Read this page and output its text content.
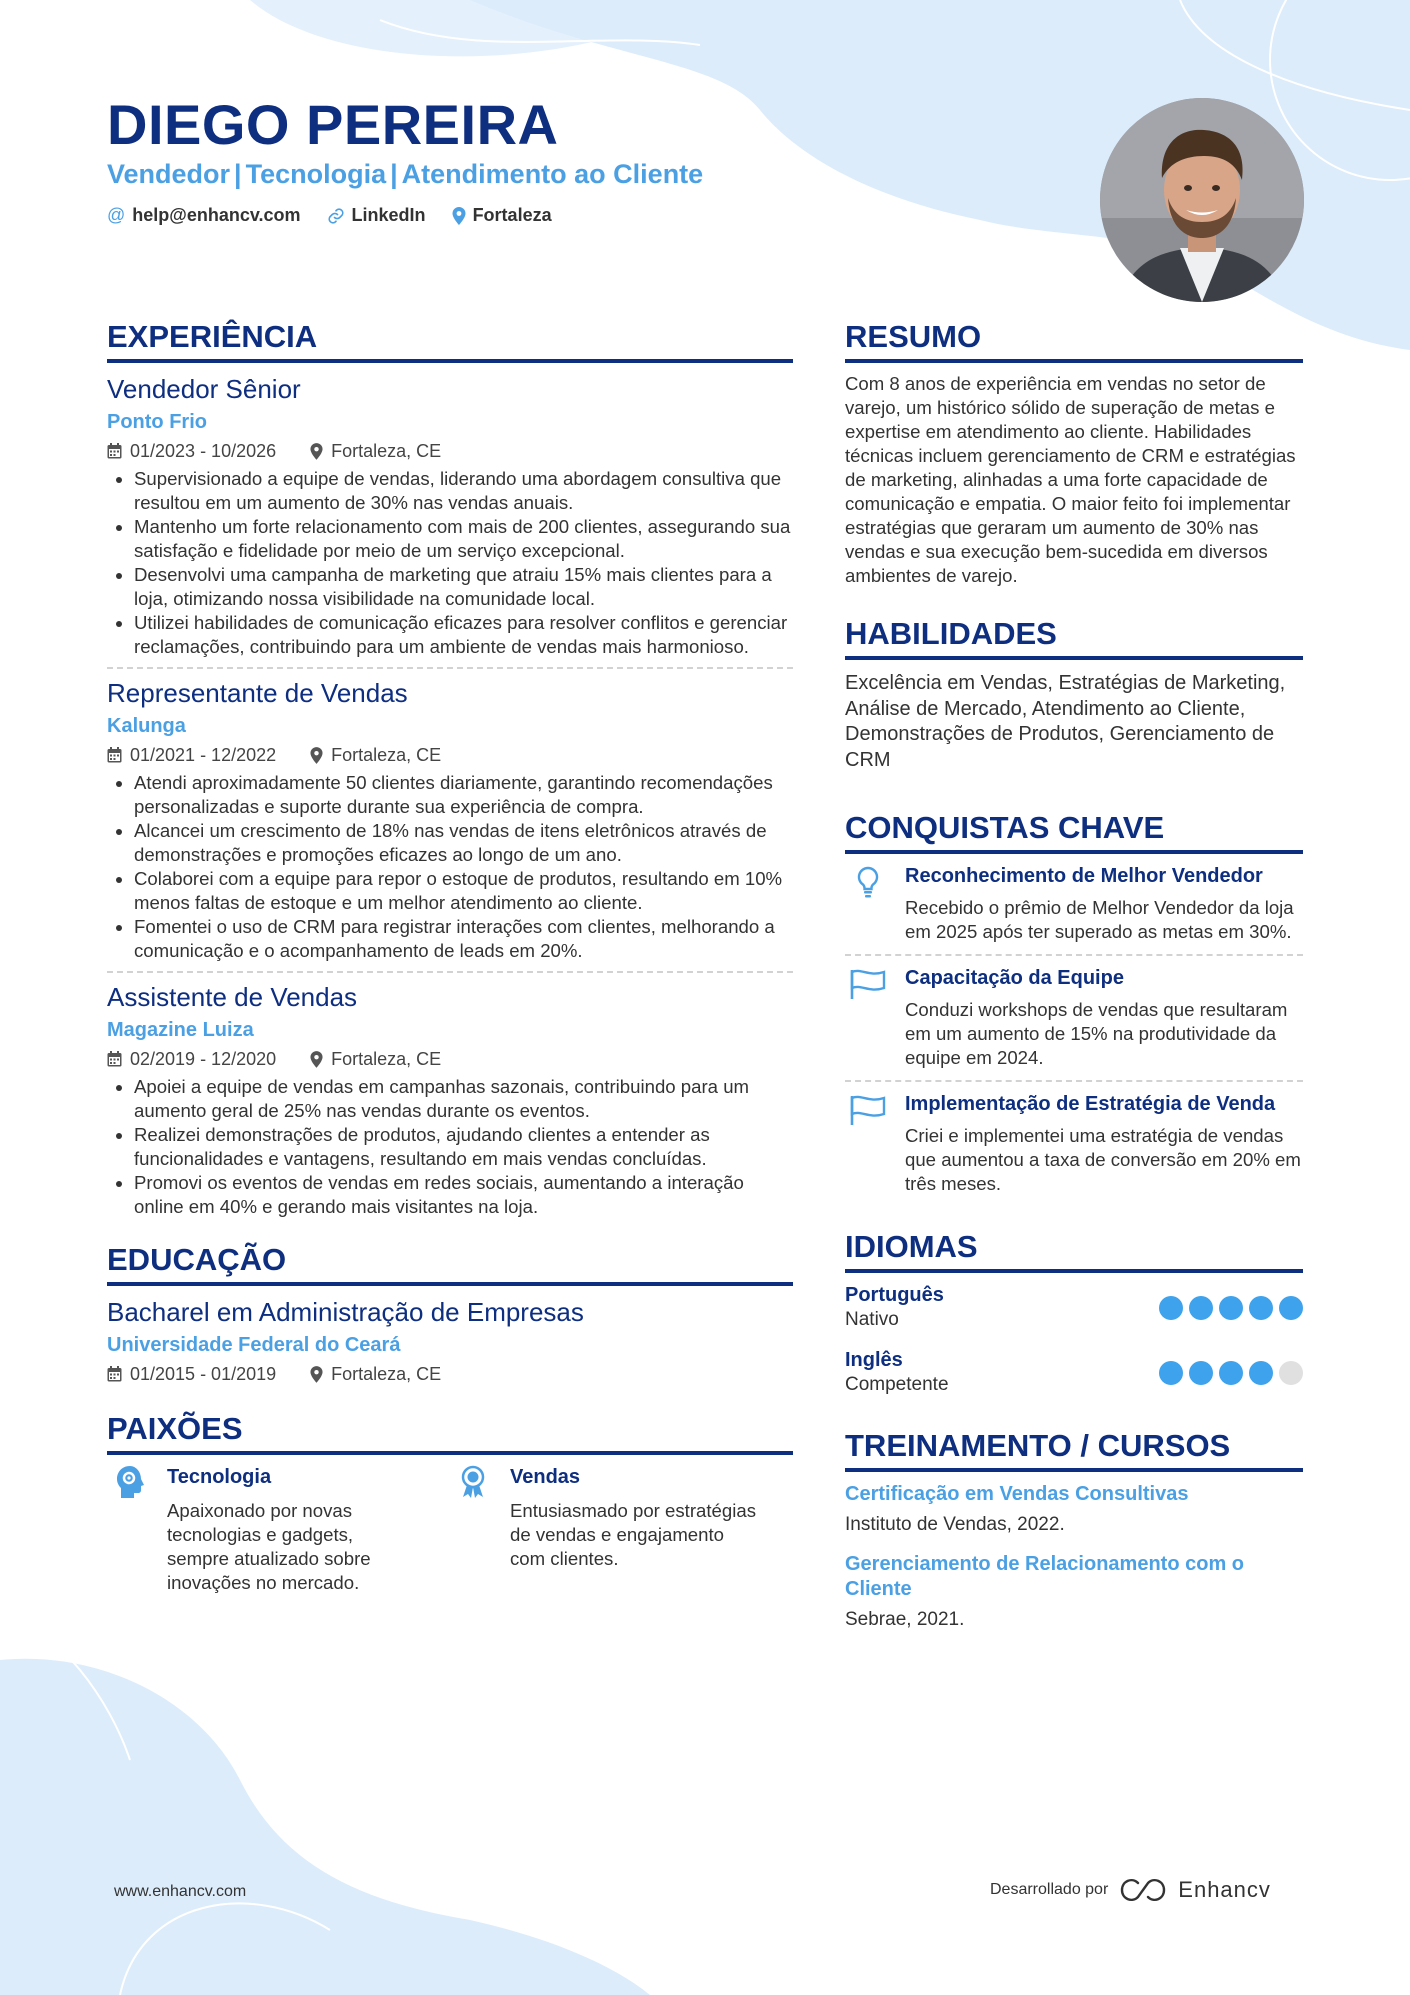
DIEGO PEREIRA
Vendedor | Tecnologia | Atendimento ao Cliente
@ help@enhancv.com	LinkedIn	Fortaleza
EXPERIÊNCIA
Vendedor Sênior
Ponto Frio
01/2023 - 10/2026	Fortaleza, CE
• Supervisionado a equipe de vendas, liderando uma abordagem consultiva que resultou em um aumento de 30% nas vendas anuais.
• Mantenho um forte relacionamento com mais de 200 clientes, assegurando sua satisfação e fidelidade por meio de um serviço excepcional.
• Desenvolvi uma campanha de marketing que atraiu 15% mais clientes para a loja, otimizando nossa visibilidade na comunidade local.
• Utilizei habilidades de comunicação eficazes para resolver conflitos e gerenciar reclamações, contribuindo para um ambiente de vendas mais harmonioso.
Representante de Vendas
Kalunga
01/2021 - 12/2022	Fortaleza, CE
• Atendi aproximadamente 50 clientes diariamente, garantindo recomendações personalizadas e suporte durante sua experiência de compra.
• Alcancei um crescimento de 18% nas vendas de itens eletrônicos através de demonstrações e promoções eficazes ao longo de um ano.
• Colaborei com a equipe para repor o estoque de produtos, resultando em 10% menos faltas de estoque e um melhor atendimento ao cliente.
• Fomentei o uso de CRM para registrar interações com clientes, melhorando a comunicação e o acompanhamento de leads em 20%.
Assistente de Vendas
Magazine Luiza
02/2019 - 12/2020	Fortaleza, CE
• Apoiei a equipe de vendas em campanhas sazonais, contribuindo para um aumento geral de 25% nas vendas durante os eventos.
• Realizei demonstrações de produtos, ajudando clientes a entender as funcionalidades e vantagens, resultando em mais vendas concluídas.
• Promovi os eventos de vendas em redes sociais, aumentando a interação online em 40% e gerando mais visitantes na loja.
EDUCAÇÃO
Bacharel em Administração de Empresas
Universidade Federal do Ceará
01/2015 - 01/2019	Fortaleza, CE
PAIXÕES
Tecnologia
Apaixonado por novas tecnologias e gadgets, sempre atualizado sobre inovações no mercado.
Vendas
Entusiasmado por estratégias de vendas e engajamento com clientes.
RESUMO
Com 8 anos de experiência em vendas no setor de varejo, um histórico sólido de superação de metas e expertise em atendimento ao cliente. Habilidades técnicas incluem gerenciamento de CRM e estratégias de marketing, alinhadas a uma forte capacidade de comunicação e empatia. O maior feito foi implementar estratégias que geraram um aumento de 30% nas vendas e sua execução bem-sucedida em diversos ambientes de varejo.
HABILIDADES
Excelência em Vendas, Estratégias de Marketing, Análise de Mercado, Atendimento ao Cliente, Demonstrações de Produtos, Gerenciamento de CRM
CONQUISTAS CHAVE
Reconhecimento de Melhor Vendedor
Recebido o prêmio de Melhor Vendedor da loja em 2025 após ter superado as metas em 30%.
Capacitação da Equipe
Conduzi workshops de vendas que resultaram em um aumento de 15% na produtividade da equipe em 2024.
Implementação de Estratégia de Venda
Criei e implementei uma estratégia de vendas que aumentou a taxa de conversão em 20% em três meses.
IDIOMAS
Português
Nativo
Inglês
Competente
TREINAMENTO / CURSOS
Certificação em Vendas Consultivas
Instituto de Vendas, 2022.
Gerenciamento de Relacionamento com o Cliente
Sebrae, 2021.
www.enhancv.com	Desarrollado por	Enhancv
